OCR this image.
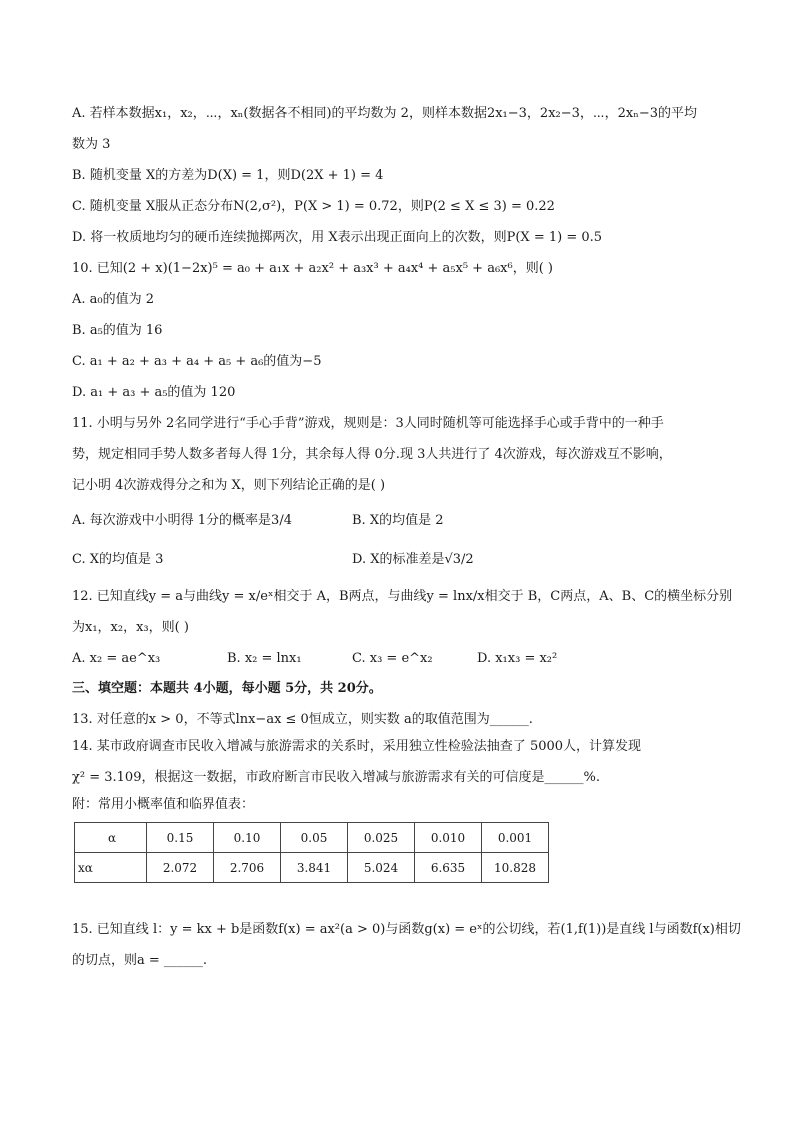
A. 若样本数据x₁，x₂，⋯，xₙ(数据各不相同)的平均数为 2，则样本数据2x₁−3，2x₂−3，⋯，2xₙ−3的平均

数为 3

B. 随机变量 X的方差为D(X) = 1，则D(2X + 1) = 4

C. 随机变量 X服从正态分布N(2,σ²)，P(X > 1) = 0.72，则P(2 ≤ X ≤ 3) = 0.22

D. 将一枚质地均匀的硬币连续抛掷两次，用 X表示出现正面向上的次数，则P(X = 1) = 0.5

10. 已知(2 + x)(1−2x)⁵ = a₀ + a₁x + a₂x² + a₃x³ + a₄x⁴ + a₅x⁵ + a₆x⁶，则( )

A. a₀的值为 2

B. a₅的值为 16

C. a₁ + a₂ + a₃ + a₄ + a₅ + a₆的值为−5

D. a₁ + a₃ + a₅的值为 120

11. 小明与另外 2名同学进行“手心手背”游戏，规则是：3人同时随机等可能选择手心或手背中的一种手

势，规定相同手势人数多者每人得 1分，其余每人得 0分.现 3人共进行了 4次游戏，每次游戏互不影响，

记小明 4次游戏得分之和为 X，则下列结论正确的是( )

A. 每次游戏中小明得 1分的概率是3/4	B. X的均值是 2
C. X的均值是 3	D. X的标准差是√3/2

12. 已知直线y = a与曲线y = x/eˣ相交于 A，B两点，与曲线y = lnx/x相交于 B，C两点，A、B、C的横坐标分别

为x₁，x₂，x₃，则( )

A. x₂ = ae^x₃	B. x₂ = lnx₁	C. x₃ = e^x₂	D. x₁x₃ = x₂²

三、填空题：本题共 4小题，每小题 5分，共 20分。

13. 对任意的x > 0，不等式lnx−ax ≤ 0恒成立，则实数 a的取值范围为______.

14. 某市政府调查市民收入增减与旅游需求的关系时，采用独立性检验法抽查了 5000人，计算发现

χ² = 3.109，根据这一数据，市政府断言市民收入增减与旅游需求有关的可信度是______%.

附：常用小概率值和临界值表：

α	0.15	0.10	0.05	0.025	0.010	0.001
xα	2.072	2.706	3.841	5.024	6.635	10.828

15. 已知直线 l：y = kx + b是函数f(x) = ax²(a > 0)与函数g(x) = eˣ的公切线，若(1,f(1))是直线 l与函数f(x)相切

的切点，则a = ______.
